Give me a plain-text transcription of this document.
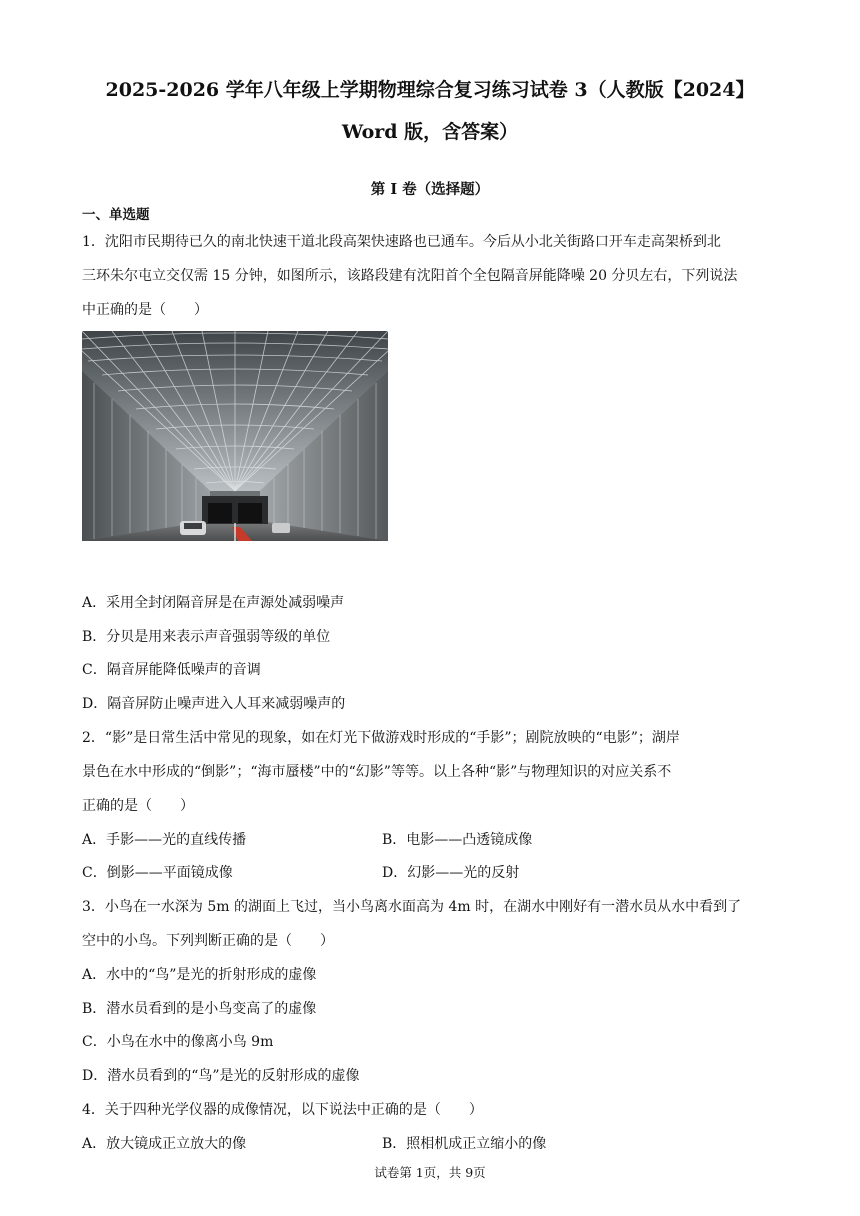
2025-2026 学年八年级上学期物理综合复习练习试卷 3（人教版【2024】
Word 版，含答案）
第 I 卷（选择题）
一、单选题
1．沈阳市民期待已久的南北快速干道北段高架快速路也已通车。今后从小北关街路口开车走高架桥到北
三环朱尔屯立交仅需 15 分钟，如图所示，该路段建有沈阳首个全包隔音屏能降噪 20 分贝左右，下列说法
中正确的是（　　）
A．采用全封闭隔音屏是在声源处减弱噪声
B．分贝是用来表示声音强弱等级的单位
C．隔音屏能降低噪声的音调
D．隔音屏防止噪声进入人耳来减弱噪声的
2．“影”是日常生活中常见的现象，如在灯光下做游戏时形成的“手影”；剧院放映的“电影”；湖岸
景色在水中形成的“倒影”；“海市蜃楼”中的“幻影”等等。以上各种“影”与物理知识的对应关系不
正确的是（　　）
A．手影——光的直线传播	B．电影——凸透镜成像
C．倒影——平面镜成像	D．幻影——光的反射
3．小鸟在一水深为 5m 的湖面上飞过，当小鸟离水面高为 4m 时，在湖水中刚好有一潜水员从水中看到了
空中的小鸟。下列判断正确的是（　　）
A．水中的“鸟”是光的折射形成的虚像
B．潜水员看到的是小鸟变高了的虚像
C．小鸟在水中的像离小鸟 9m
D．潜水员看到的“鸟”是光的反射形成的虚像
4．关于四种光学仪器的成像情况，以下说法中正确的是（　　）
A．放大镜成正立放大的像	B．照相机成正立缩小的像
试卷第 1页，共 9页
